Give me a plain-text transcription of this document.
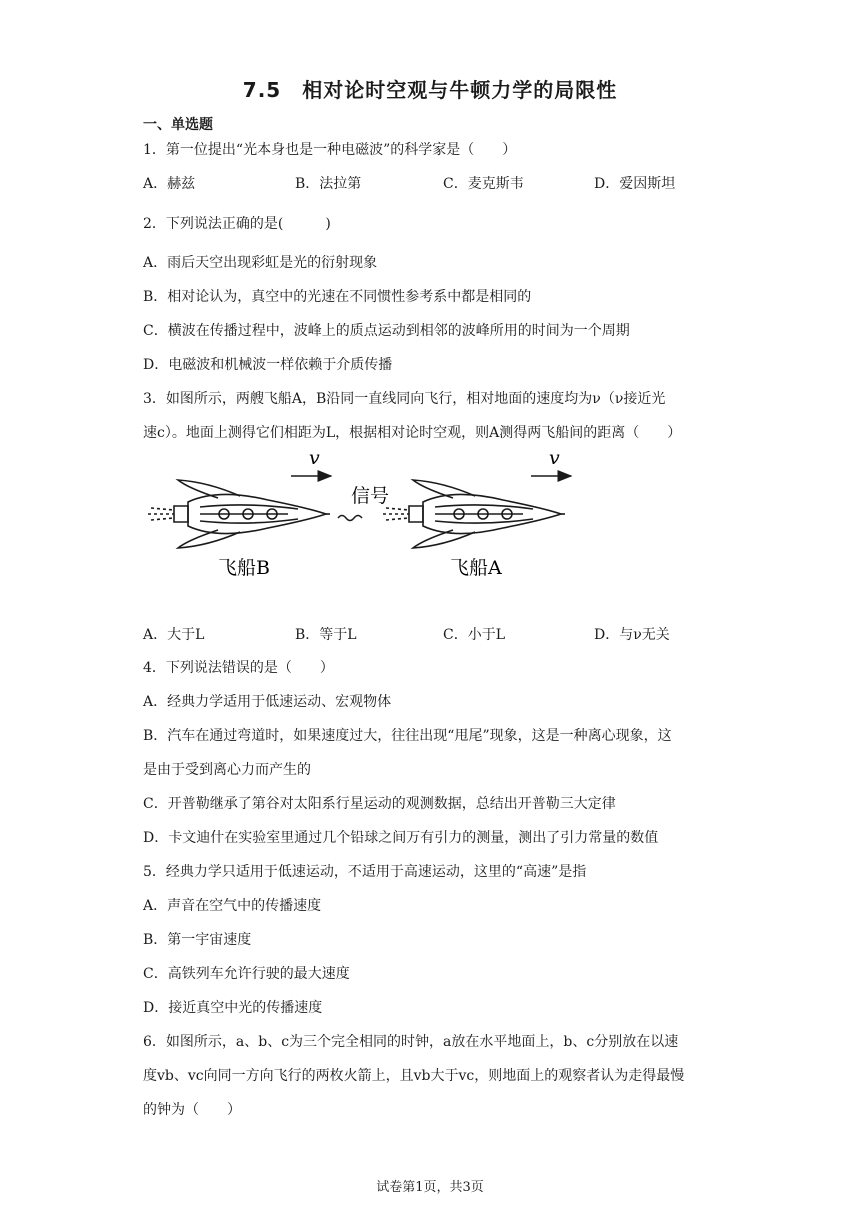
7.5　相对论时空观与牛顿力学的局限性
一、单选题
1．第一位提出“光本身也是一种电磁波”的科学家是（　　）
A．赫兹	B．法拉第	C．麦克斯韦	D．爱因斯坦
2．下列说法正确的是(　　　)
A．雨后天空出现彩虹是光的衍射现象
B．相对论认为，真空中的光速在不同惯性参考系中都是相同的
C．横波在传播过程中，波峰上的质点运动到相邻的波峰所用的时间为一个周期
D．电磁波和机械波一样依赖于介质传播
3．如图所示，两艘飞船A，B沿同一直线同向飞行，相对地面的速度均为ν（ν接近光
速c）。地面上测得它们相距为L，根据相对论时空观，则A测得两飞船间的距离（　　）
v	v
信号
飞船B	飞船A
A．大于L	B．等于L	C．小于L	D．与ν无关
4．下列说法错误的是（　　）
A．经典力学适用于低速运动、宏观物体
B．汽车在通过弯道时，如果速度过大，往往出现“甩尾”现象，这是一种离心现象，这
是由于受到离心力而产生的
C．开普勒继承了第谷对太阳系行星运动的观测数据，总结出开普勒三大定律
D．卡文迪什在实验室里通过几个铅球之间万有引力的测量，测出了引力常量的数值
5．经典力学只适用于低速运动，不适用于高速运动，这里的“高速”是指
A．声音在空气中的传播速度
B．第一宇宙速度
C．高铁列车允许行驶的最大速度
D．接近真空中光的传播速度
6．如图所示，a、b、c为三个完全相同的时钟，a放在水平地面上，b、c分别放在以速
度vb、vc向同一方向飞行的两枚火箭上，且vb大于vc，则地面上的观察者认为走得最慢
的钟为（　　）
试卷第1页，共3页
